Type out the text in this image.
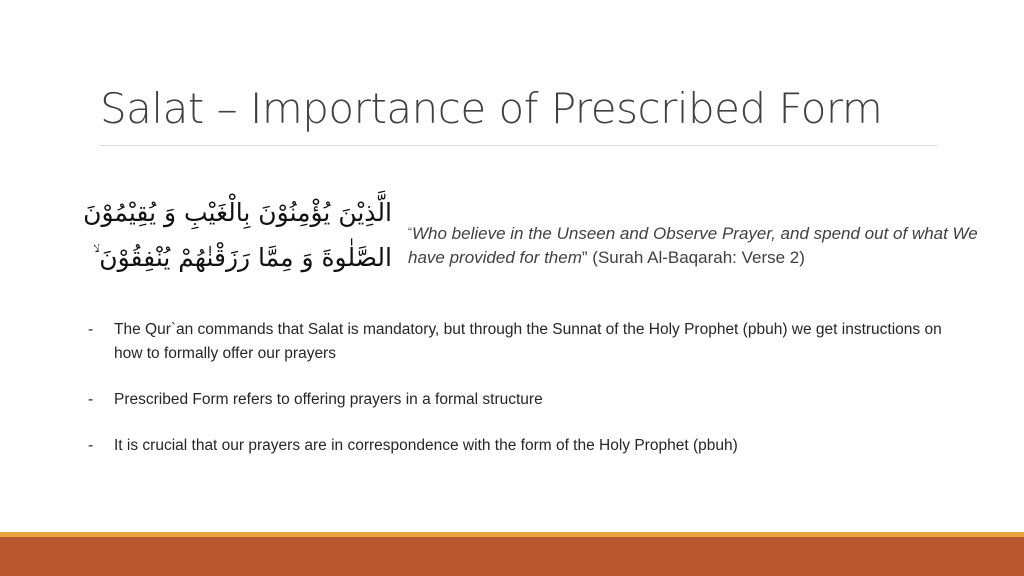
Salat – Importance of Prescribed Form
الَّذِيْنَ يُؤْمِنُوْنَ بِالْغَيْبِ وَ يُقِيْمُوْنَ
الصَّلٰوةَ وَ مِمَّا رَزَقْنٰهُمْ يُنْفِقُوْنَ ۙ
“Who believe in the Unseen and Observe Prayer, and spend out of what We have provided for them” (Surah Al-Baqarah: Verse 2)
- The Qur`an commands that Salat is mandatory, but through the Sunnat of the Holy Prophet (pbuh) we get instructions on how to formally offer our prayers
- Prescribed Form refers to offering prayers in a formal structure
- It is crucial that our prayers are in correspondence with the form of the Holy Prophet (pbuh)
